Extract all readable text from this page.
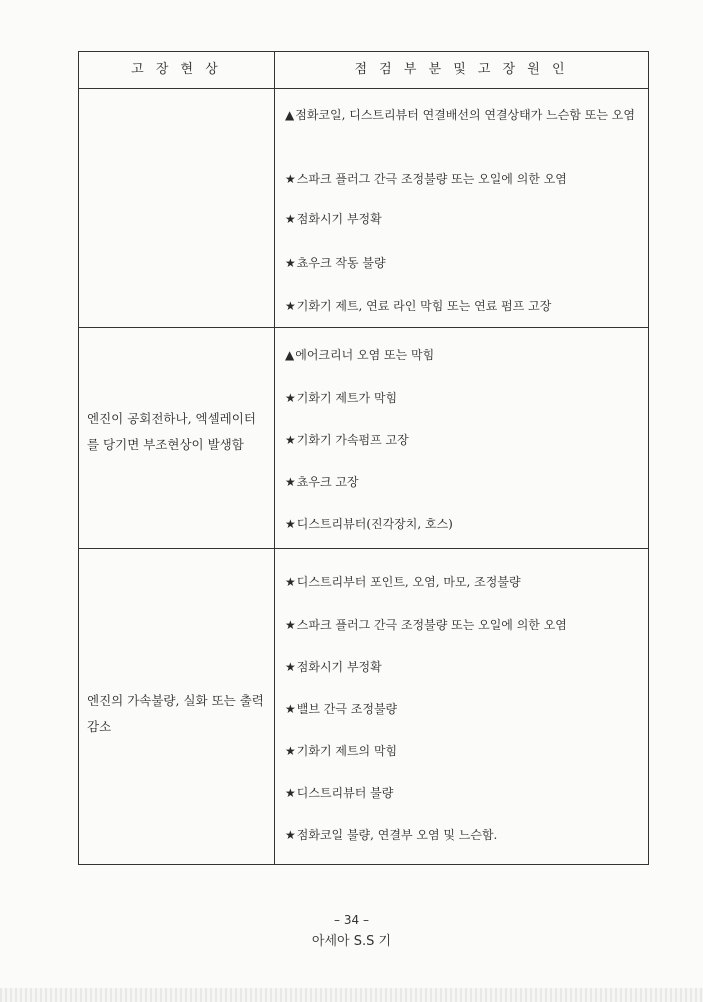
고 장 현 상	점 검 부 분 및 고 장 원 인
▲점화코일, 디스트리뷰터 연결배선의 연결상태가 느슨함 또는 오염
★스파크 플러그 간극 조정불량 또는 오일에 의한 오염
★점화시기 부정확
★쵸우크 작동 불량
★기화기 제트, 연료 라인 막힘 또는 연료 펌프 고장
엔진이 공회전하나, 엑셀레이터를 당기면 부조현상이 발생함
▲에어크리너 오염 또는 막힘
★기화기 제트가 막힘
★기화기 가속펌프 고장
★쵸우크 고장
★디스트리뷰터(진각장치, 호스)
엔진의 가속불량, 실화 또는 출력 감소
★디스트리부터 포인트, 오염, 마모, 조정불량
★스파크 플러그 간극 조정불량 또는 오일에 의한 오염
★점화시기 부정확
★밸브 간극 조정불량
★기화기 제트의 막힘
★디스트리뷰터 불량
★점화코일 불량, 연결부 오염 및 느슨함.
– 34 –
아세아 S.S 기
